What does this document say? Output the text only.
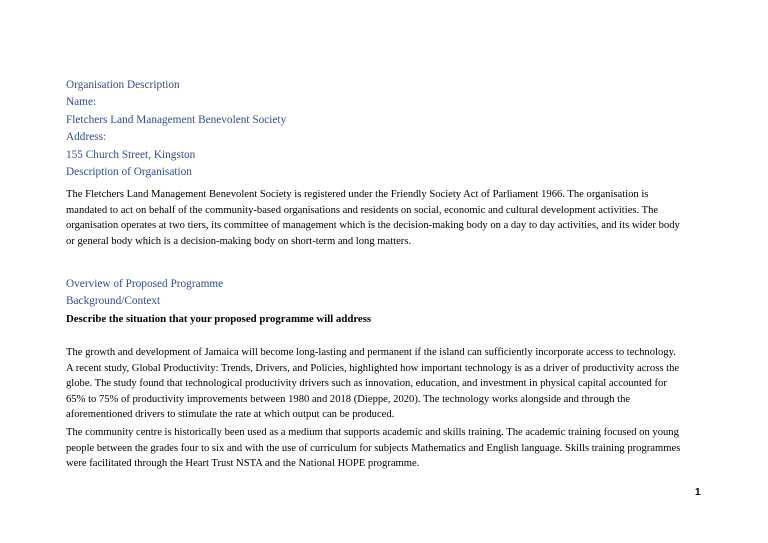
Organisation Description
Name:
Fletchers Land Management Benevolent Society
Address:
155 Church Street, Kingston
Description of Organisation
The Fletchers Land Management Benevolent Society is registered under the Friendly Society Act of Parliament 1966. The organisation is
mandated to act on behalf of the community-based organisations and residents on social, economic and cultural development activities. The
organisation operates at two tiers, its committee of management which is the decision-making body on a day to day activities, and its wider body
or general body which is a decision-making body on short-term and long matters.
Overview of Proposed Programme
Background/Context
Describe the situation that your proposed programme will address
The growth and development of Jamaica will become long-lasting and permanent if the island can sufficiently incorporate access to technology.
A recent study, Global Productivity: Trends, Drivers, and Policies, highlighted how important technology is as a driver of productivity across the
globe. The study found that technological productivity drivers such as innovation, education, and investment in physical capital accounted for
65% to 75% of productivity improvements between 1980 and 2018 (Dieppe, 2020). The technology works alongside and through the
aforementioned drivers to stimulate the rate at which output can be produced.
The community centre is historically been used as a medium that supports academic and skills training. The academic training focused on young
people between the grades four to six and with the use of curriculum for subjects Mathematics and English language. Skills training programmes
were facilitated through the Heart Trust NSTA and the National HOPE programme.
1
